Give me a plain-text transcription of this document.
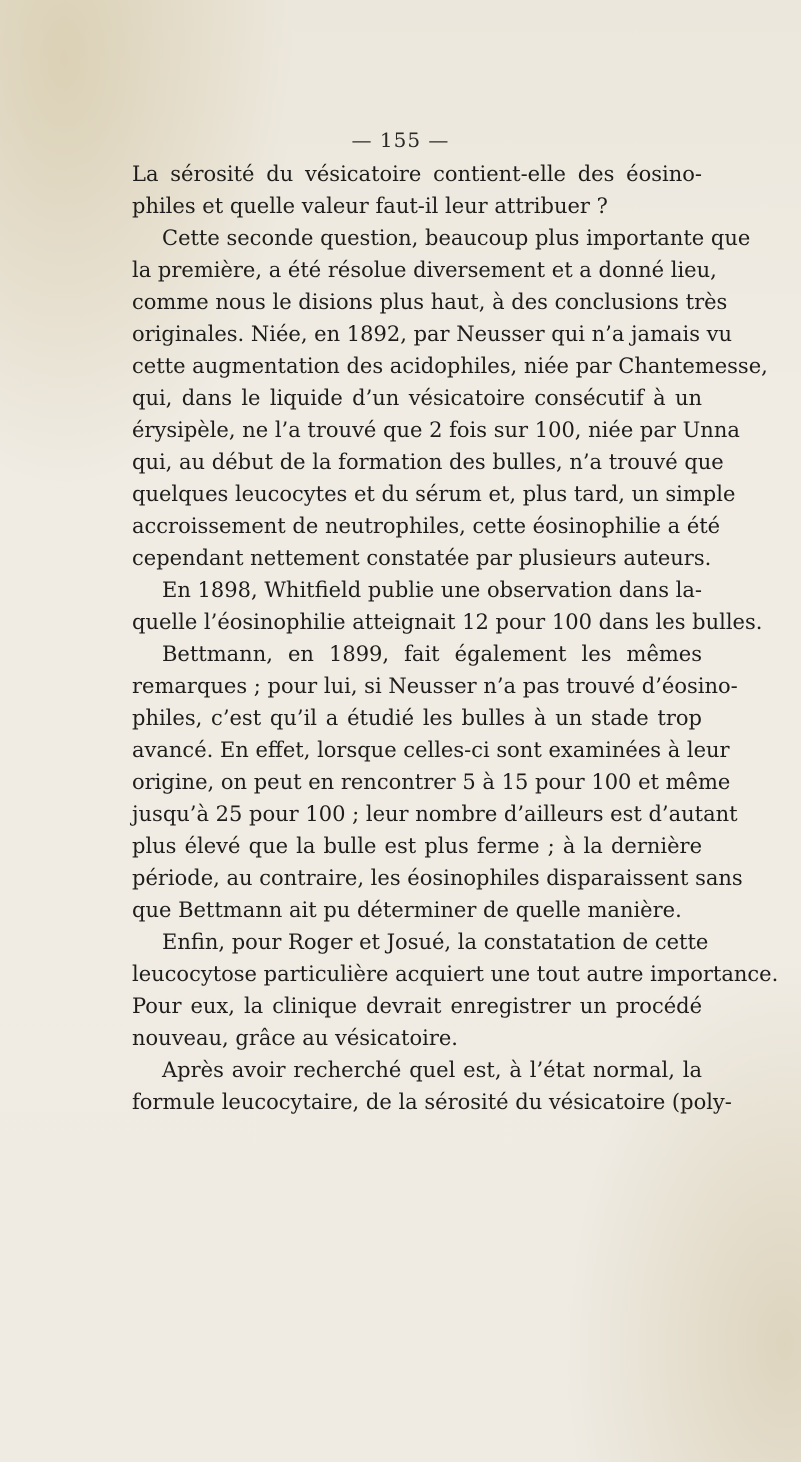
— 155 —
La sérosité du vésicatoire contient-elle des éosino-
philes et quelle valeur faut-il leur attribuer ?
Cette seconde question, beaucoup plus importante que
la première, a été résolue diversement et a donné lieu,
comme nous le disions plus haut, à des conclusions très
originales. Niée, en 1892, par Neusser qui n’a jamais vu
cette augmentation des acidophiles, niée par Chantemesse,
qui, dans le liquide d’un vésicatoire consécutif à un
érysipèle, ne l’a trouvé que 2 fois sur 100, niée par Unna
qui, au début de la formation des bulles, n’a trouvé que
quelques leucocytes et du sérum et, plus tard, un simple
accroissement de neutrophiles, cette éosinophilie a été
cependant nettement constatée par plusieurs auteurs.
En 1898, Whitfield publie une observation dans la-
quelle l’éosinophilie atteignait 12 pour 100 dans les bulles.
Bettmann, en 1899, fait également les mêmes
remarques ; pour lui, si Neusser n’a pas trouvé d’éosino-
philes, c’est qu’il a étudié les bulles à un stade trop
avancé. En effet, lorsque celles-ci sont examinées à leur
origine, on peut en rencontrer 5 à 15 pour 100 et même
jusqu’à 25 pour 100 ; leur nombre d’ailleurs est d’autant
plus élevé que la bulle est plus ferme ; à la dernière
période, au contraire, les éosinophiles disparaissent sans
que Bettmann ait pu déterminer de quelle manière.
Enfin, pour Roger et Josué, la constatation de cette
leucocytose particulière acquiert une tout autre importance.
Pour eux, la clinique devrait enregistrer un procédé
nouveau, grâce au vésicatoire.
Après avoir recherché quel est, à l’état normal, la
formule leucocytaire, de la sérosité du vésicatoire (poly-
